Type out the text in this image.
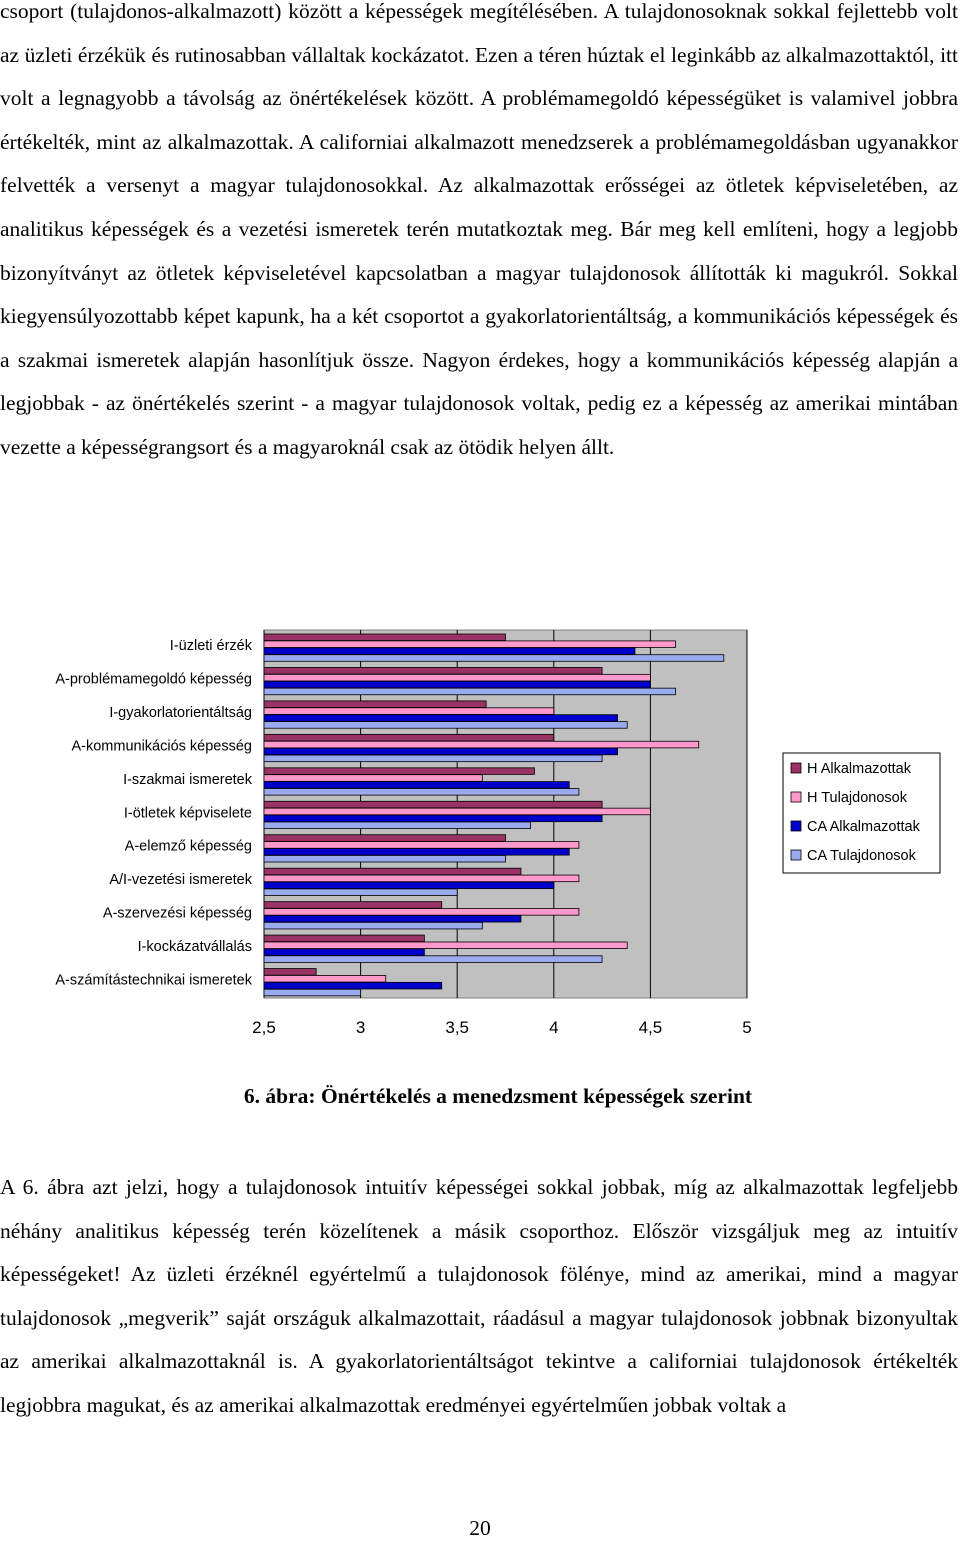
csoport (tulajdonos-alkalmazott) között a képességek megítélésében. A tulajdonosoknak sokkal fejlettebb volt az üzleti érzékük és rutinosabban vállaltak kockázatot. Ezen a téren húztak el leginkább az alkalmazottaktól, itt volt a legnagyobb a távolság az önértékelések között. A problémamegoldó képességüket is valamivel jobbra értékelték, mint az alkalmazottak. A californiai alkalmazott menedzserek a problémamegoldásban ugyanakkor felvették a versenyt a magyar tulajdonosokkal. Az alkalmazottak erősségei az ötletek képviseletében, az analitikus képességek és a vezetési ismeretek terén mutatkoztak meg. Bár meg kell említeni, hogy a legjobb bizonyítványt az ötletek képviseletével kapcsolatban a magyar tulajdonosok állították ki magukról. Sokkal kiegyensúlyozottabb képet kapunk, ha a két csoportot a gyakorlatorientáltság, a kommunikációs képességek és a szakmai ismeretek alapján hasonlítjuk össze. Nagyon érdekes, hogy a kommunikációs képesség alapján a legjobbak - az önértékelés szerint - a magyar tulajdonosok voltak, pedig ez a képesség az amerikai mintában vezette a képességrangsort és a magyaroknál csak az ötödik helyen állt.

I-üzleti érzék
A-problémamegoldó képesség
I-gyakorlatorientáltság
A-kommunikációs képesség
I-szakmai ismeretek
I-ötletek képviselete
A-elemző képesség
A/I-vezetési ismeretek
A-szervezési képesség
I-kockázatvállalás
A-számítástechnikai ismeretek
2,5	3	3,5	4	4,5	5
H Alkalmazottak
H Tulajdonosok
CA Alkalmazottak
CA Tulajdonosok
6. ábra: Önértékelés a menedzsment képességek szerint

A 6. ábra azt jelzi, hogy a tulajdonosok intuitív képességei sokkal jobbak, míg az alkalmazottak legfeljebb néhány analitikus képesség terén közelítenek a másik csoporthoz. Először vizsgáljuk meg az intuitív képességeket! Az üzleti érzéknél egyértelmű a tulajdonosok fölénye, mind az amerikai, mind a magyar tulajdonosok „megverik” saját országuk alkalmazottait, ráadásul a magyar tulajdonosok jobbnak bizonyultak az amerikai alkalmazottaknál is. A gyakorlatorientáltságot tekintve a californiai tulajdonosok értékelték legjobbra magukat, és az amerikai alkalmazottak eredményei egyértelműen jobbak voltak a

20
